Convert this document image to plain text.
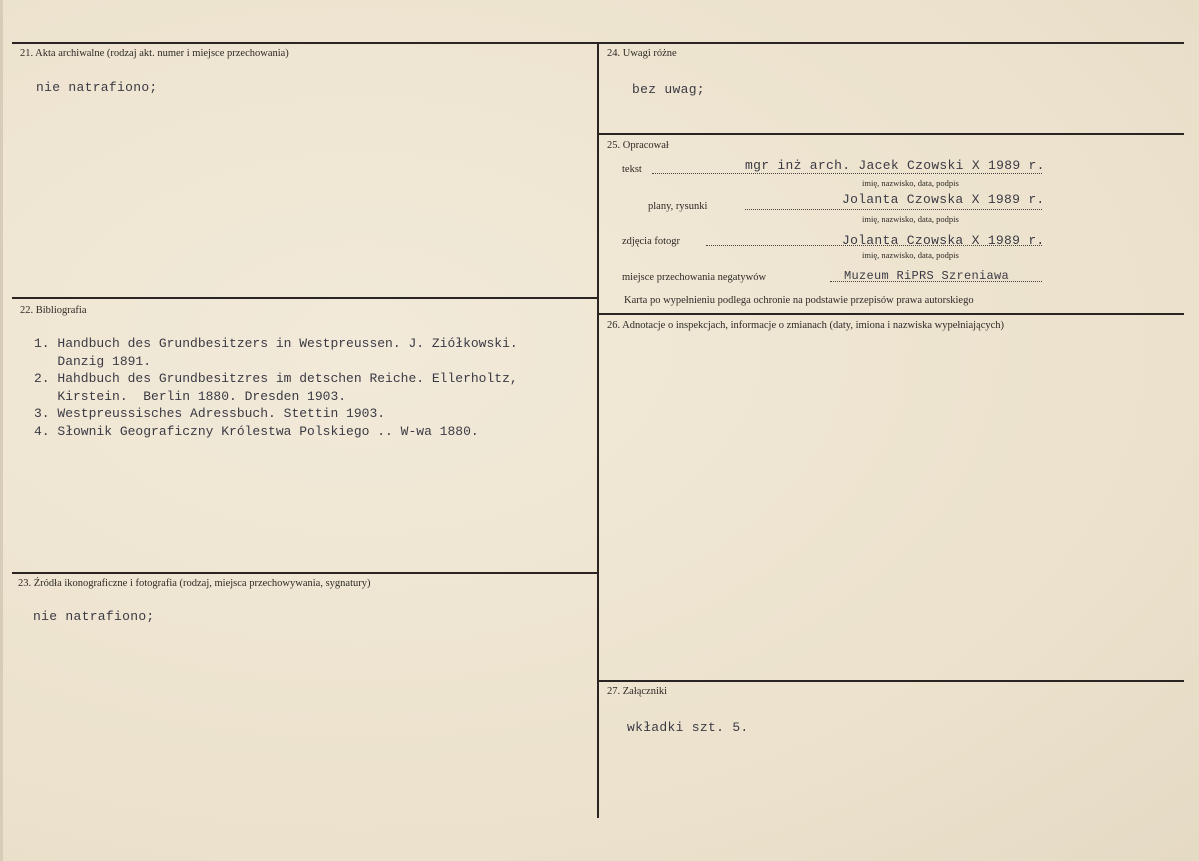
21. Akta archiwalne (rodzaj akt. numer i miejsce przechowania)
nie natrafiono;
22. Bibliografia
1. Handbuch des Grundbesitzers in Westpreussen. J. Ziółkowski.
Danzig 1891.
2. Hahdbuch des Grundbesitzres im detschen Reiche. Ellerholtz,
Kirstein.  Berlin 1880. Dresden 1903.
3. Westpreussisches Adressbuch. Stettin 1903.
4. Słownik Geograficzny Królestwa Polskiego .. W-wa 1880.
23. Źródła ikonograficzne i fotografia (rodzaj, miejsca przechowywania, sygnatury)
nie natrafiono;
24. Uwagi różne
bez uwag;
25. Opracował
tekst	mgr inż arch. Jacek Czowski X 1989 r.
imię, nazwisko, data, podpis
plany, rysunki	Jolanta Czowska X 1989 r.
imię, nazwisko, data, podpis
zdjęcia fotogr	Jolanta Czowska X 1989 r.
imię, nazwisko, data, podpis
miejsce przechowania negatywów	Muzeum RiPRS Szreniawa
Karta po wypełnieniu podlega ochronie na podstawie przepisów prawa autorskiego
26. Adnotacje o inspekcjach, informacje o zmianach (daty, imiona i nazwiska wypełniających)
27. Załączniki
wkładki szt. 5.
